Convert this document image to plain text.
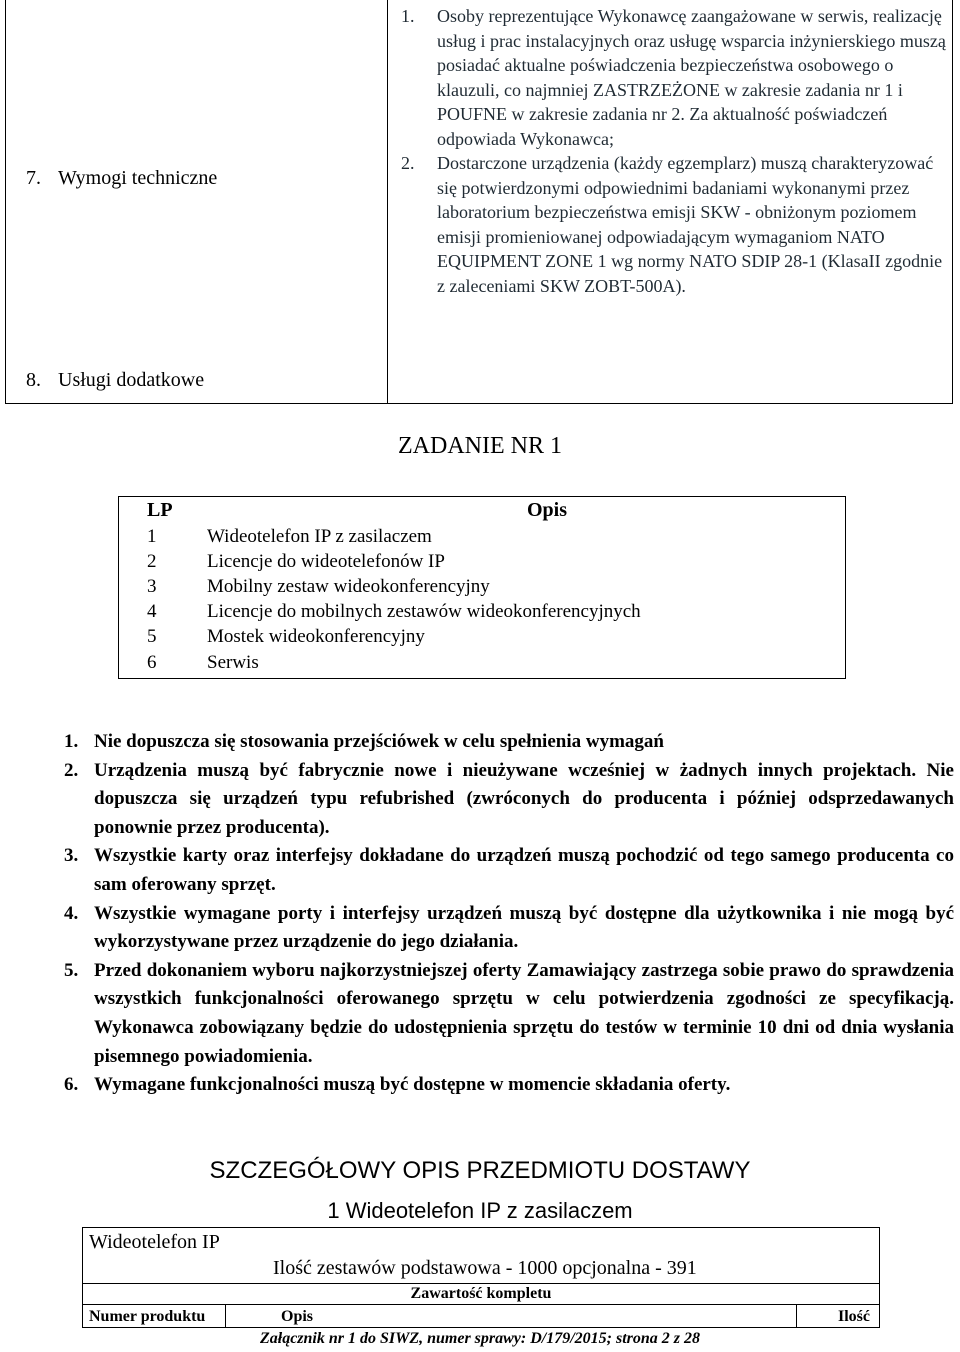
7. Wymogi techniczne
8. Usługi dodatkowe
1. Osoby reprezentujące Wykonawcę zaangażowane w serwis, realizację usług i prac instalacyjnych oraz usługę wsparcia inżynierskiego muszą posiadać aktualne poświadczenia bezpieczeństwa osobowego o klauzuli, co najmniej ZASTRZEŻONE w zakresie zadania nr 1 i POUFNE w zakresie zadania nr 2. Za aktualność poświadczeń odpowiada Wykonawca;
2. Dostarczone urządzenia (każdy egzemplarz) muszą charakteryzować się potwierdzonymi odpowiednimi badaniami wykonanymi przez laboratorium bezpieczeństwa emisji SKW - obniżonym poziomem emisji promieniowanej odpowiadającym wymaganiom NATO EQUIPMENT ZONE 1 wg normy NATO SDIP 28-1 (KlasaII zgodnie z zaleceniami SKW ZOBT-500A).
ZADANIE NR 1
LP	Opis
1	Wideotelefon IP z zasilaczem
2	Licencje do wideotelefonów IP
3	Mobilny zestaw wideokonferencyjny
4	Licencje do mobilnych zestawów wideokonferencyjnych
5	Mostek wideokonferencyjny
6	Serwis
1. Nie dopuszcza się stosowania przejściówek w celu spełnienia wymagań
2. Urządzenia muszą być fabrycznie nowe i nieużywane wcześniej w żadnych innych projektach. Nie dopuszcza się urządzeń typu refubrished (zwróconych do producenta i później odsprzedawanych ponownie przez producenta).
3. Wszystkie karty oraz interfejsy dokładane do urządzeń muszą pochodzić od tego samego producenta co sam oferowany sprzęt.
4. Wszystkie wymagane porty i interfejsy urządzeń muszą być dostępne dla użytkownika i nie mogą być wykorzystywane przez urządzenie do jego działania.
5. Przed dokonaniem wyboru najkorzystniejszej oferty Zamawiający zastrzega sobie prawo do sprawdzenia wszystkich funkcjonalności oferowanego sprzętu w celu potwierdzenia zgodności ze specyfikacją. Wykonawca zobowiązany będzie do udostępnienia sprzętu do testów w terminie 10 dni od dnia wysłania pisemnego powiadomienia.
6. Wymagane funkcjonalności muszą być dostępne w momencie składania oferty.
SZCZEGÓŁOWY OPIS PRZEDMIOTU DOSTAWY
1 Wideotelefon IP z zasilaczem
Wideotelefon IP
Ilość zestawów podstawowa - 1000 opcjonalna - 391
Zawartość kompletu
Numer produktu	Opis	Ilość
Załącznik nr 1 do SIWZ, numer sprawy: D/179/2015; strona 2 z 28
